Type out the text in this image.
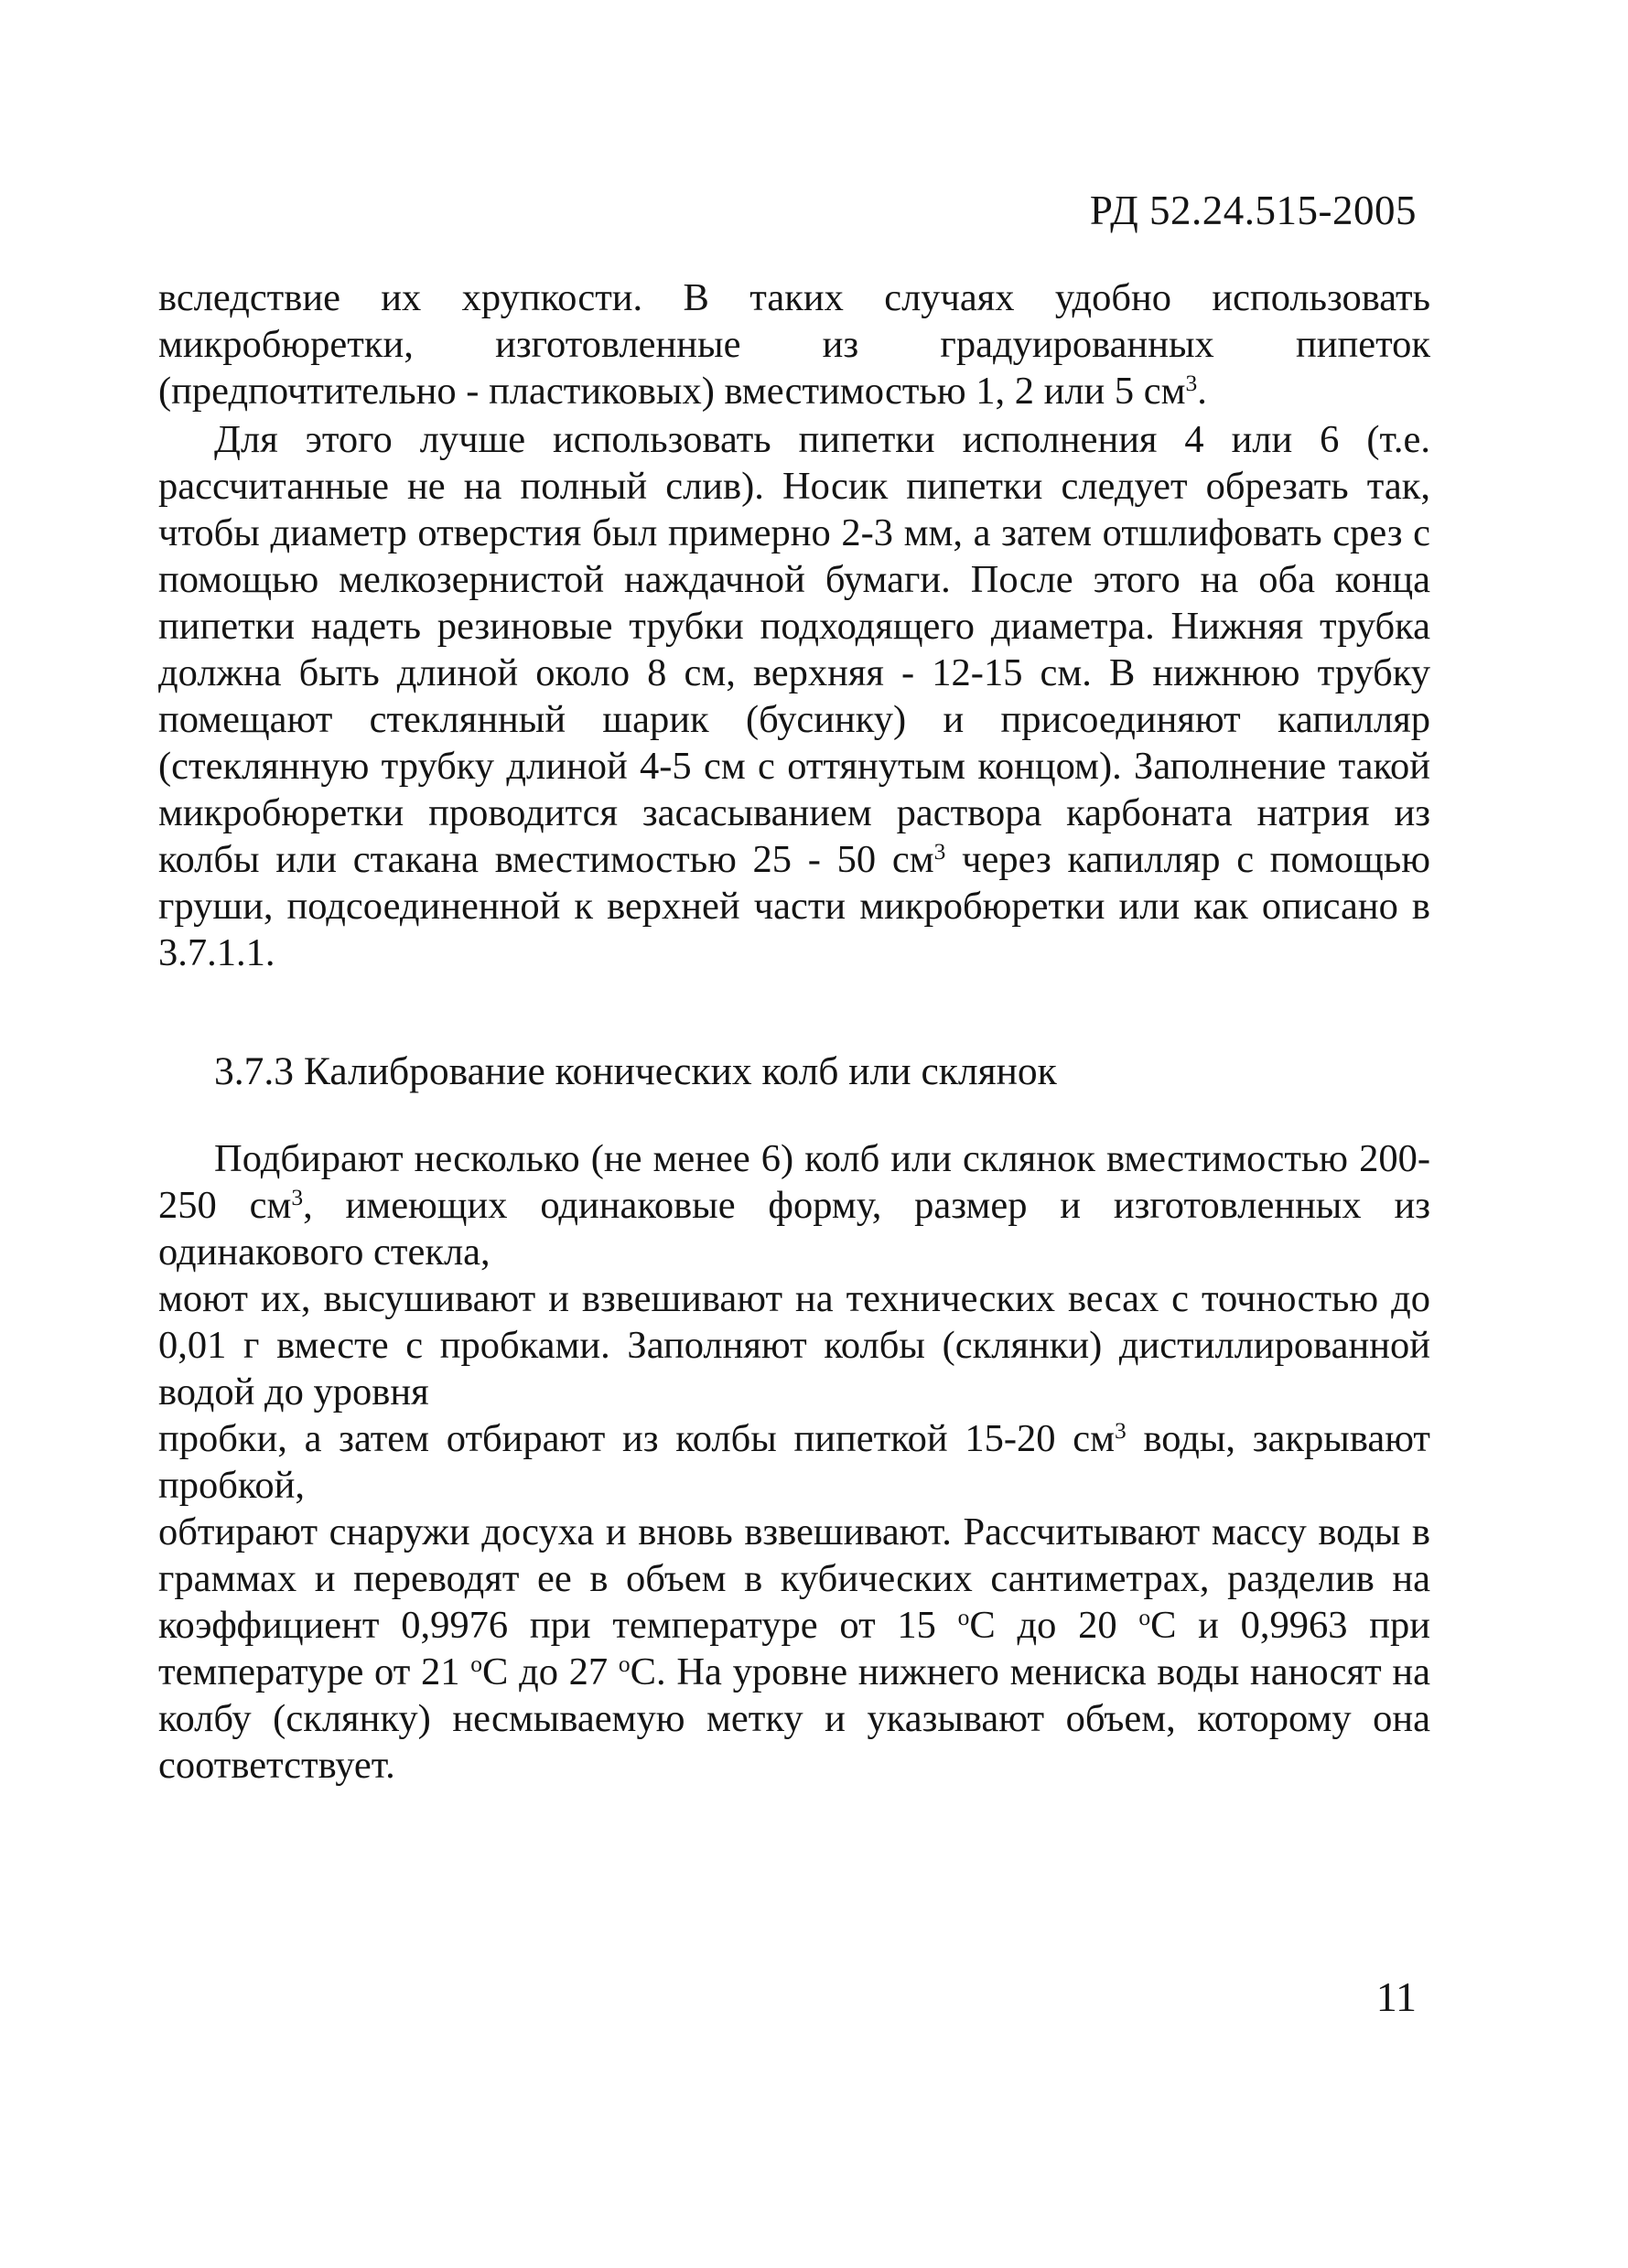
РД 52.24.515-2005

вследствие их хрупкости. В таких случаях удобно использовать микробюретки, изготовленные из градуированных пипеток (предпочтительно - пластиковых) вместимостью 1, 2 или 5 $см^3$.

Для этого лучше использовать пипетки исполнения 4 или 6 (т.е. рассчитанные не на полный слив). Носик пипетки следует обрезать так, чтобы диаметр отверстия был примерно 2-3 мм, а затем отшлифовать срез с помощью мелкозернистой наждачной бумаги. После этого на оба конца пипетки надеть резиновые трубки подходящего диаметра. Нижняя трубка должна быть длиной около 8 см, верхняя - 12-15 см. В нижнюю трубку помещают стеклянный шарик (бусинку) и присоединяют капилляр (стеклянную трубку длиной 4-5 см с оттянутым концом). Заполнение такой микробюретки проводится засасыванием раствора карбоната натрия из колбы или стакана вместимостью 25 - 50 $см^3$ через капилляр с помощью груши, подсоединенной к верхней части микробюретки или как описано в 3.7.1.1.

3.7.3 Калибрование конических колб или склянок

Подбирают несколько (не менее 6) колб или склянок вместимостью 200-250 $см^3$, имеющих одинаковые форму, размер и изготовленных из одинакового стекла,

моют их, высушивают и взвешивают на технических весах с точностью до 0,01 г вместе с пробками. Заполняют колбы (склянки) дистиллированной водой до уровня

пробки, а затем отбирают из колбы пипеткой 15-20 $см^3$ воды, закрывают пробкой,

обтирают снаружи досуха и вновь взвешивают. Рассчитывают массу воды в граммах и переводят ее в объем в кубических сантиметрах, разделив на коэффициент 0,9976 при температуре от 15 $^о$С до 20 $^о$С и 0,9963 при температуре от 21 $^о$С до 27 $^о$С. На уровне нижнего мениска воды наносят на колбу (склянку) несмываемую метку и указывают объем, которому она соответствует.

11
